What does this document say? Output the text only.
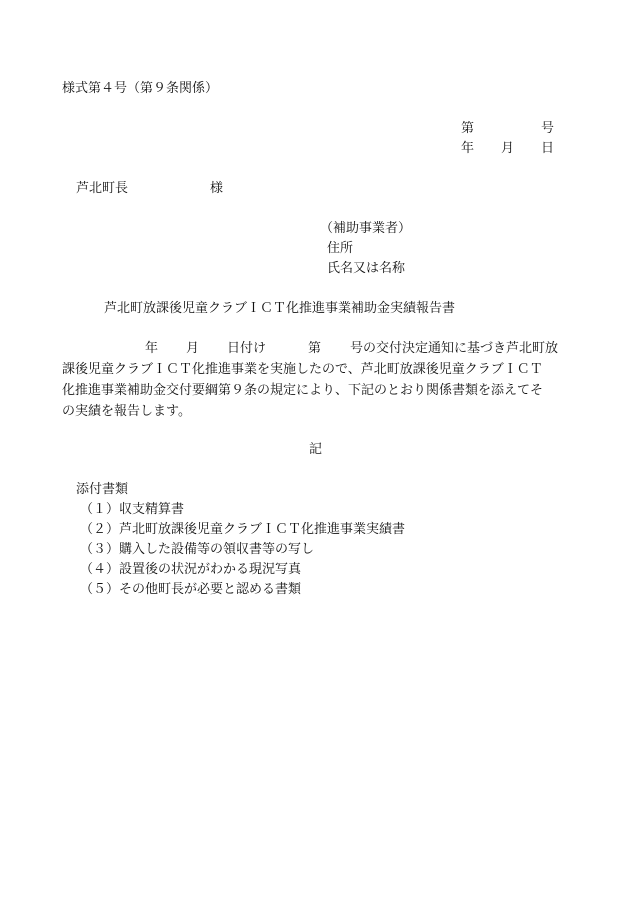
様式第４号（第９条関係）
第	号
年 月 日
芦北町長	様
（補助事業者）
住所
氏名又は名称
芦北町放課後児童クラブＩＣＴ化推進事業補助金実績報告書
年 月 日付け	第 号の交付決定通知に基づき芦北町放
課後児童クラブＩＣＴ化推進事業を実施したので、芦北町放課後児童クラブＩＣＴ
化推進事業補助金交付要綱第９条の規定により、下記のとおり関係書類を添えてそ
の実績を報告します。
記
添付書類
（１）収支精算書
（２）芦北町放課後児童クラブＩＣＴ化推進事業実績書
（３）購入した設備等の領収書等の写し
（４）設置後の状況がわかる現況写真
（５）その他町長が必要と認める書類
